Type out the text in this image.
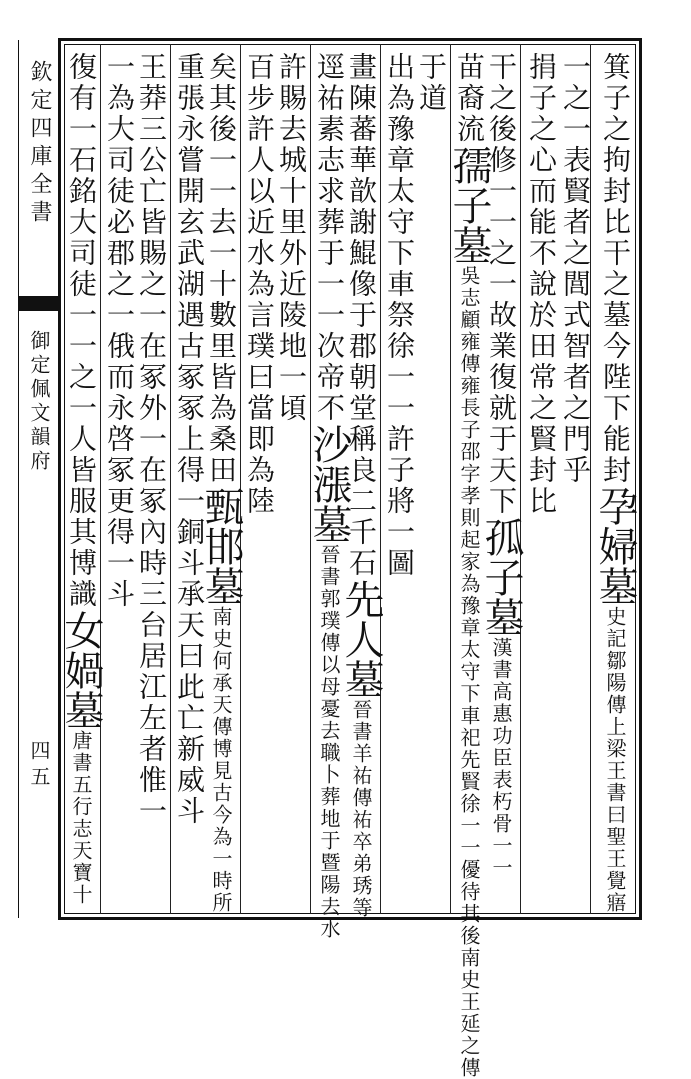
欽定四庫全書
御定佩文韻府
四五
箕子之拘封比干之墓今陛下能封孕婦墓史記鄒陽傳上梁王書曰聖王覺寤
一之一表賢者之閭式智者之門乎
捐子之心而能不說於田常之賢封比
干之後修一一之一故業復就于天下孤子墓漢書高惠功臣表朽骨一一
苗裔流孺子墓吳志顧雍傳雍長子邵字孝則起家為豫章太守下車祀先賢徐一一優待其後南史王延之傳
于道
出為豫章太守下車祭徐一一許子將一圖
畫陳蕃華歆謝鯤像于郡朝堂稱良二千石先人墓晉書羊祐傳祐卒弟琇等
逕祐素志求葬于一一次帝不沙漲墓晉書郭璞傳以母憂去職卜葬地于暨陽去水
許賜去城十里外近陵地一頃
百步許人以近水為言璞曰當即為陸
矣其後一一去一十數里皆為桑田甄邯墓南史何承天傳博見古今為一時所
重張永嘗開玄武湖遇古冢冢上得一銅斗承天曰此亡新威斗
王莽三公亡皆賜之一在冢外一在冢內時三台居江左者惟一
一為大司徒必郡之一俄而永啓冢更得一斗
復有一石銘大司徒一一之一人皆服其博識女媧墓唐書五行志天寶十
